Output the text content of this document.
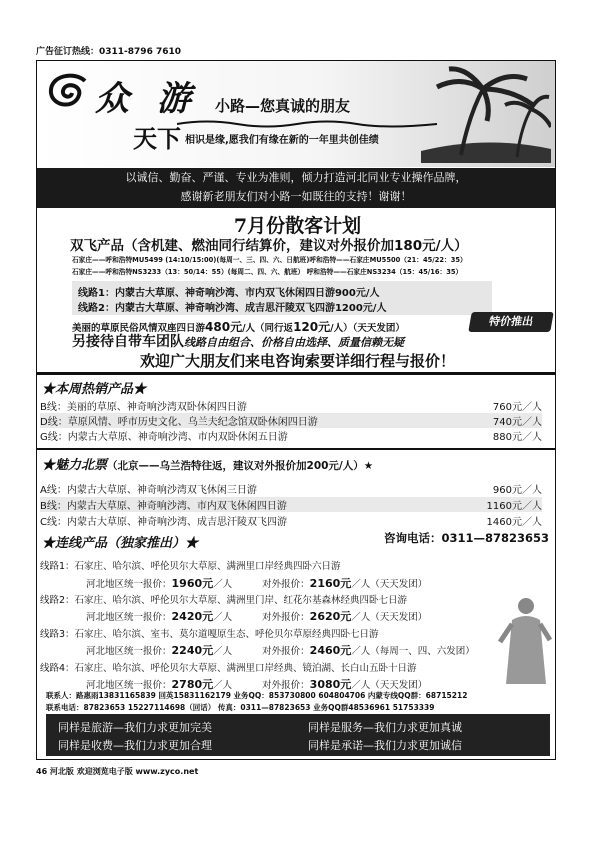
广告征订热线：0311-8796 7610
众 游 小路—您真诚的朋友
天下 相识是缘,愿我们有缘在新的一年里共创佳绩
以诚信、勤奋、严谨、专业为准则，倾力打造河北同业专业操作品牌，
感谢新老朋友们对小路一如既往的支持！谢谢！
7月份散客计划
双飞产品（含机建、燃油同行结算价，建议对外报价加180元/人）
石家庄——呼和浩特MU5499 (14:10/15:00)(每周一、三、四、六、日航班)呼和浩特——石家庄MU5500（21：45/22：35）
石家庄——呼和浩特NS3233（13：50/14：55）(每周二、四、六、航班） 呼和浩特——石家庄NS3234（15：45/16：35）
线路1：内蒙古大草原、神奇响沙湾、市内双飞休闲四日游900元/人
线路2：内蒙古大草原、神奇响沙湾、成吉思汗陵双飞四游1200元/人
美丽的草原民俗风情双座四日游480元/人（同行返120元/人）（天天发团）
特价推出
另接待自带车团队线路自由组合、价格自由选择、质量信赖无疑
欢迎广大朋友们来电咨询索要详细行程与报价！
★本周热销产品★
B线：美丽的草原、神奇响沙湾双卧休闲四日游	760元／人
D线：草原风情、呼市历史文化、乌兰夫纪念馆双卧休闲四日游	740元／人
G线：内蒙古大草原、神奇响沙湾、市内双卧休闲五日游	880元／人
★魅力北票（北京——乌兰浩特往返，建议对外报价加200元/人）★
A线：内蒙古大草原、神奇响沙湾双飞休闲三日游	960元／人
B线：内蒙古大草原、神奇响沙湾、市内双飞休闲四日游	1160元／人
C线：内蒙古大草原、神奇响沙湾、成吉思汗陵双飞四游	1460元／人
咨询电话：0311—87823653
★连线产品（独家推出）★
线路1：石家庄、哈尔滨、呼伦贝尔大草原、满洲里口岸经典四卧六日游
河北地区统一报价：1960元／人	对外报价：2160元／人（天天发团）
线路2：石家庄、哈尔滨、呼伦贝尔大草原、满洲里门岸、红花尔基森林经典四卧七日游
河北地区统一报价：2420元／人	对外报价：2620元／人（天天发团）
线路3：石家庄、哈尔滨、室韦、莫尔道嘎原生态、呼伦贝尔草原经典四卧七日游
河北地区统一报价：2240元／人	对外报价：2460元／人（每周一、四、六发团）
线路4：石家庄、哈尔滨、呼伦贝尔大草原、满洲里口岸经典、镜泊湖、长白山五卧十日游
河北地区统一报价：2780元／人	对外报价：3080元／人（天天发团）
联系人：路惠雨13831165839 回英15831162179 业务QQ：853730800 604804706 内蒙专线QQ群：68715212
联系电话：87823653 15227114698（回话） 传真：0311—87823653 业务QQ群48536961 51753339
同样是旅游—我们力求更加完美	同样是服务—我们力求更加真诚
同样是收费—我们力求更加合理	同样是承诺—我们力求更加诚信
46 河北版 欢迎浏览电子版 www.zyco.net
